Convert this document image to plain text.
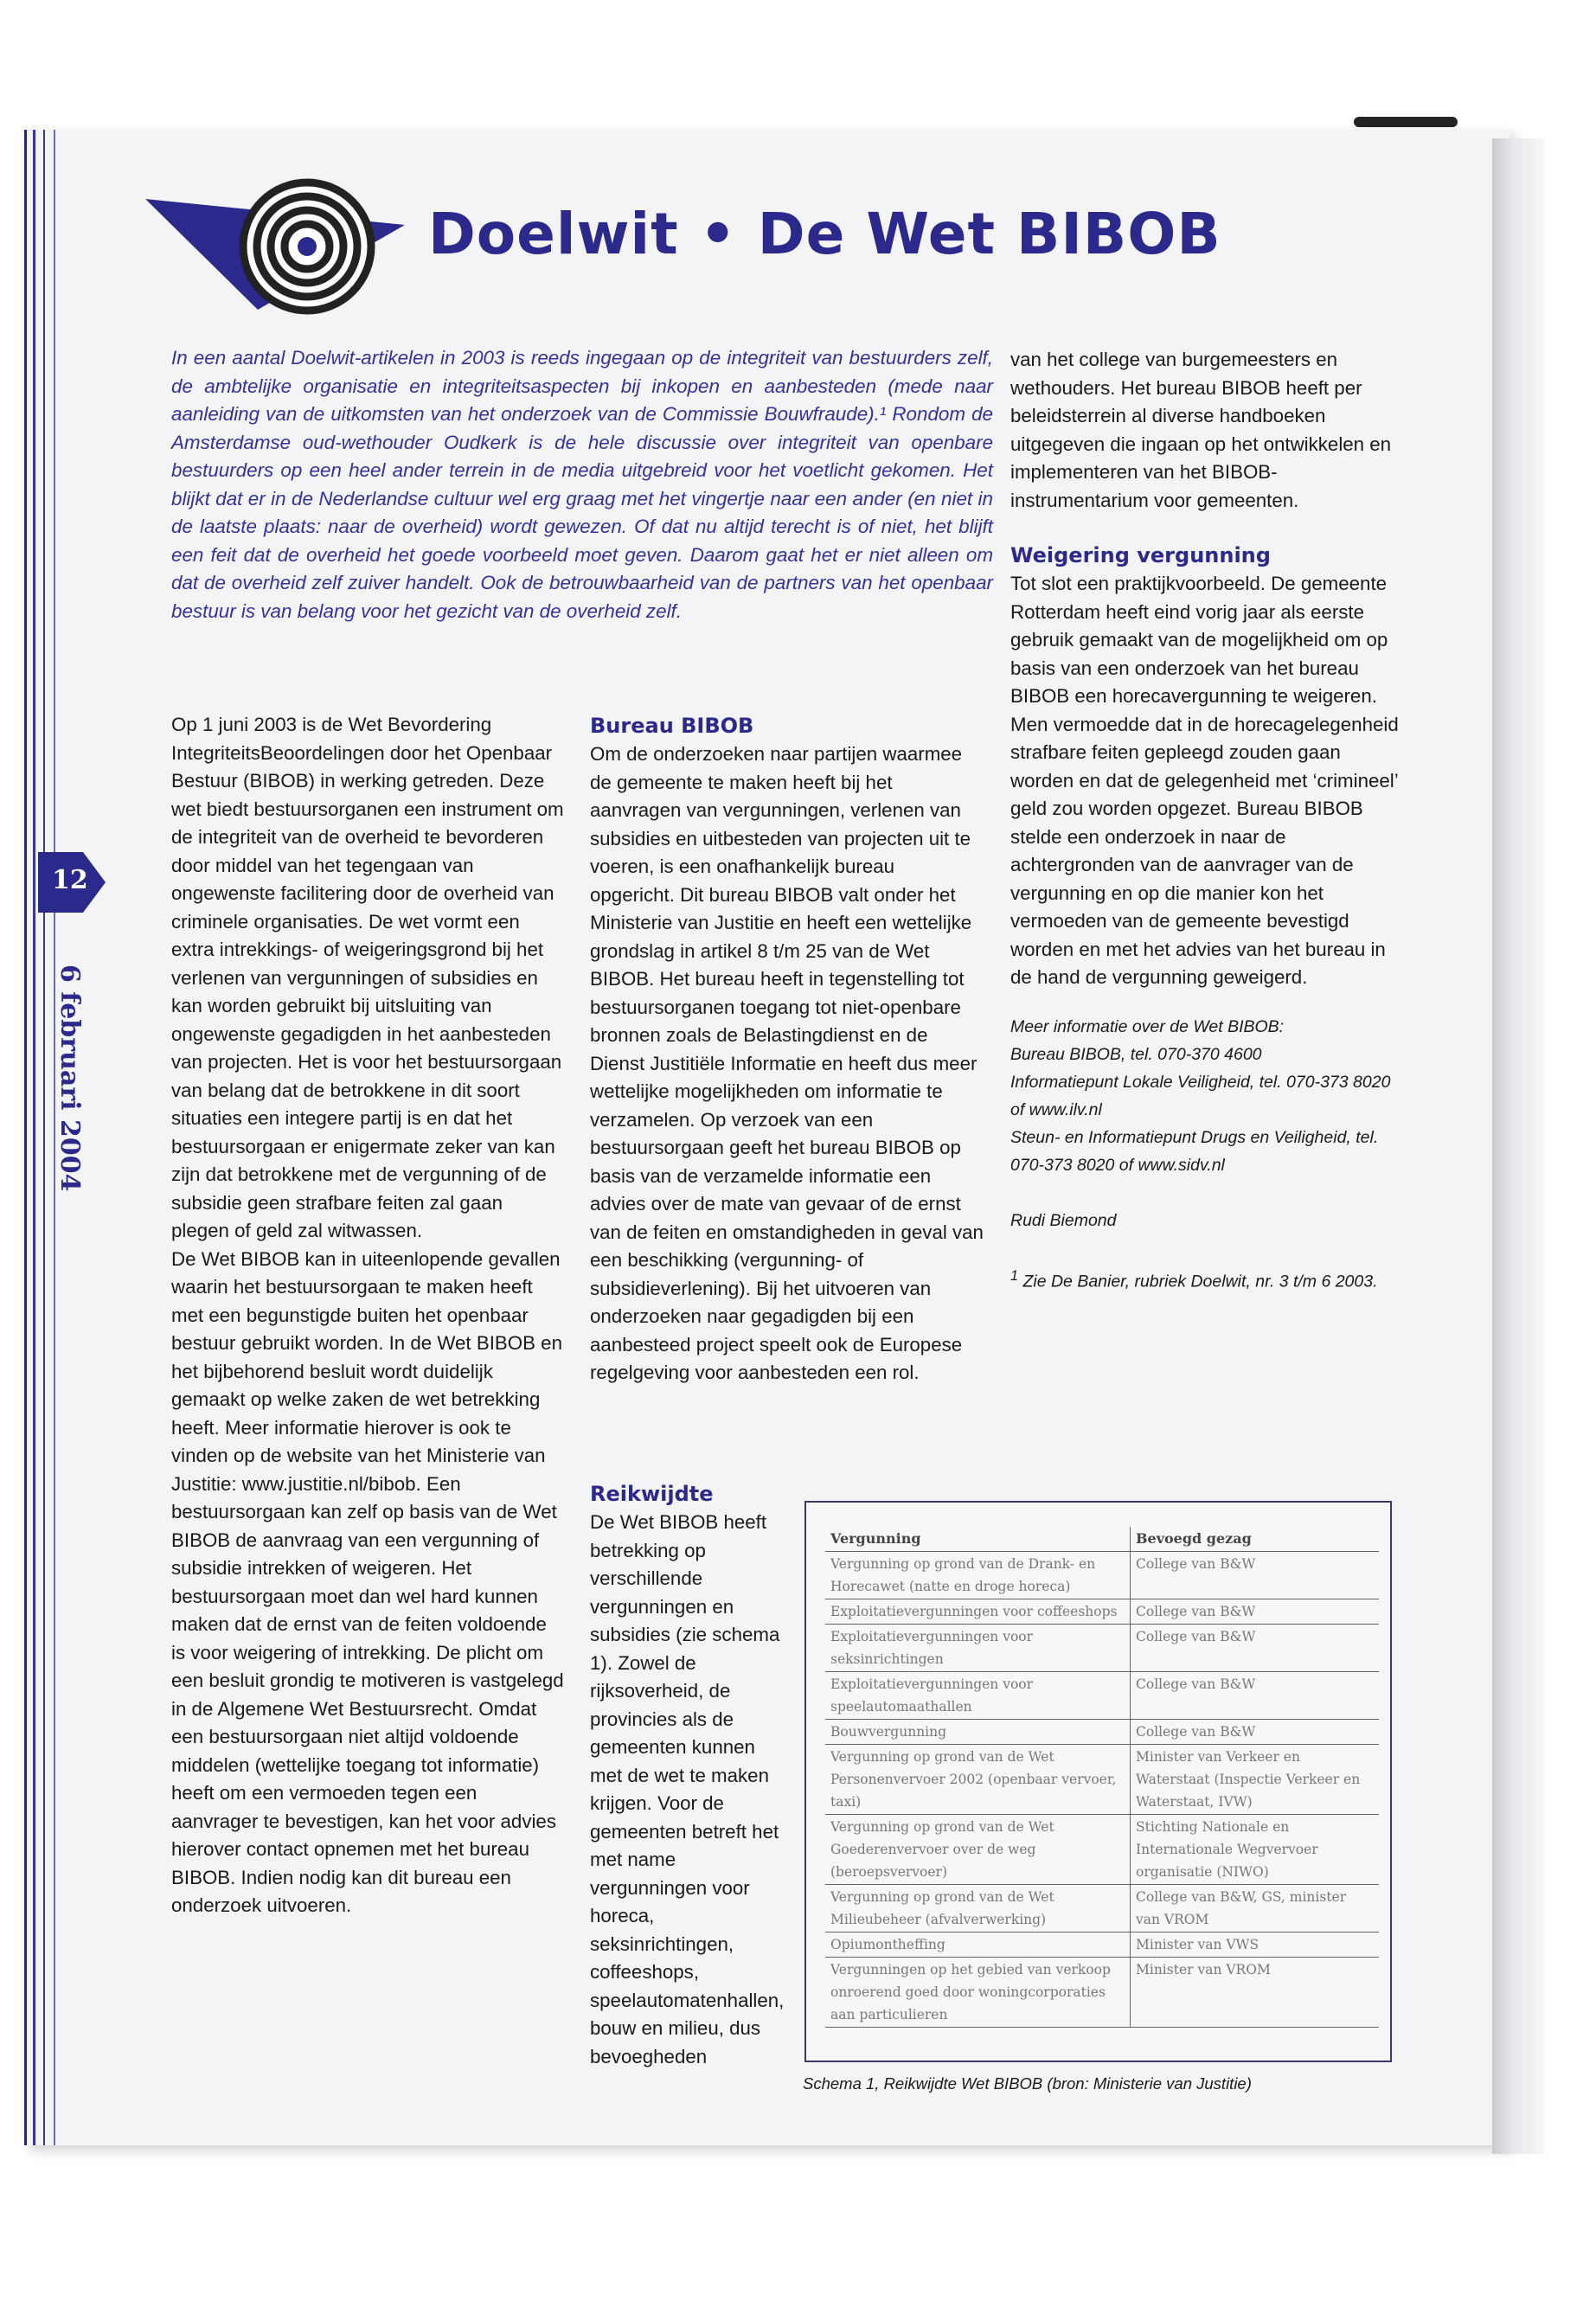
Doelwit • De Wet BIBOB
In een aantal Doelwit-artikelen in 2003 is reeds ingegaan op de integriteit van bestuurders zelf, de ambtelijke organisatie en integriteitsaspecten bij inkopen en aanbesteden (mede naar aanleiding van de uitkomsten van het onderzoek van de Commissie Bouwfraude).¹ Rondom de Amsterdamse oud-wethouder Oudkerk is de hele discussie over integriteit van openbare bestuurders op een heel ander terrein in de media uitgebreid voor het voetlicht gekomen. Het blijkt dat er in de Nederlandse cultuur wel erg graag met het vingertje naar een ander (en niet in de laatste plaats: naar de overheid) wordt gewezen. Of dat nu altijd terecht is of niet, het blijft een feit dat de overheid het goede voorbeeld moet geven. Daarom gaat het er niet alleen om dat de overheid zelf zuiver handelt. Ook de betrouwbaarheid van de partners van het openbaar bestuur is van belang voor het gezicht van de overheid zelf.
12
6 februari 2004

Op 1 juni 2003 is de Wet Bevordering IntegriteitsBeoordelingen door het Openbaar Bestuur (BIBOB) in werking getreden. Deze wet biedt bestuursorganen een instrument om de integriteit van de overheid te bevorderen door middel van het tegengaan van ongewenste facilitering door de overheid van criminele organisaties. De wet vormt een extra intrekkings- of weigeringsgrond bij het verlenen van vergunningen of subsidies en kan worden gebruikt bij uitsluiting van ongewenste gegadigden in het aanbesteden van projecten. Het is voor het bestuursorgaan van belang dat de betrokkene in dit soort situaties een integere partij is en dat het bestuursorgaan er enigermate zeker van kan zijn dat betrokkene met de vergunning of de subsidie geen strafbare feiten zal gaan plegen of geld zal witwassen.

De Wet BIBOB kan in uiteenlopende gevallen waarin het bestuursorgaan te maken heeft met een begunstigde buiten het openbaar bestuur gebruikt worden. In de Wet BIBOB en het bijbehorend besluit wordt duidelijk gemaakt op welke zaken de wet betrekking heeft. Meer informatie hierover is ook te vinden op de website van het Ministerie van Justitie: www.justitie.nl/bibob. Een bestuursorgaan kan zelf op basis van de Wet BIBOB de aanvraag van een vergunning of subsidie intrekken of weigeren. Het bestuursorgaan moet dan wel hard kunnen maken dat de ernst van de feiten voldoende is voor weigering of intrekking. De plicht om een besluit grondig te motiveren is vastgelegd in de Algemene Wet Bestuursrecht. Omdat een bestuursorgaan niet altijd voldoende middelen (wettelijke toegang tot informatie) heeft om een vermoeden tegen een aanvrager te bevestigen, kan het voor advies hierover contact opnemen met het bureau BIBOB. Indien nodig kan dit bureau een onderzoek uitvoeren.

Bureau BIBOB

Om de onderzoeken naar partijen waarmee de gemeente te maken heeft bij het aanvragen van vergunningen, verlenen van subsidies en uitbesteden van projecten uit te voeren, is een onafhankelijk bureau opgericht. Dit bureau BIBOB valt onder het Ministerie van Justitie en heeft een wettelijke grondslag in artikel 8 t/m 25 van de Wet BIBOB. Het bureau heeft in tegenstelling tot bestuursorganen toegang tot niet-openbare bronnen zoals de Belastingdienst en de Dienst Justitiële Informatie en heeft dus meer wettelijke mogelijkheden om informatie te verzamelen. Op verzoek van een bestuursorgaan geeft het bureau BIBOB op basis van de verzamelde informatie een advies over de mate van gevaar of de ernst van de feiten en omstandigheden in geval van een beschikking (vergunning- of subsidieverlening). Bij het uitvoeren van onderzoeken naar gegadigden bij een aanbesteed project speelt ook de Europese regelgeving voor aanbesteden een rol.

Reikwijdte

De Wet BIBOB heeft betrekking op verschillende vergunningen en subsidies (zie schema 1). Zowel de rijksoverheid, de provincies als de gemeenten kunnen met de wet te maken krijgen. Voor de gemeenten betreft het met name vergunningen voor horeca, seksinrichtingen, coffeeshops, speelautomatenhallen, bouw en milieu, dus bevoegheden

van het college van burgemeesters en wethouders. Het bureau BIBOB heeft per beleidsterrein al diverse handboeken uitgegeven die ingaan op het ontwikkelen en implementeren van het BIBOB-instrumentarium voor gemeenten.

Weigering vergunning

Tot slot een praktijkvoorbeeld. De gemeente Rotterdam heeft eind vorig jaar als eerste gebruik gemaakt van de mogelijkheid om op basis van een onderzoek van het bureau BIBOB een horecavergunning te weigeren. Men vermoedde dat in de horecagelegenheid strafbare feiten gepleegd zouden gaan worden en dat de gelegenheid met ‘crimineel’ geld zou worden opgezet. Bureau BIBOB stelde een onderzoek in naar de achtergronden van de aanvrager van de vergunning en op die manier kon het vermoeden van de gemeente bevestigd worden en met het advies van het bureau in de hand de vergunning geweigerd.

Meer informatie over de Wet BIBOB:
Bureau BIBOB, tel. 070-370 4600
Informatiepunt Lokale Veiligheid, tel. 070-373 8020 of www.ilv.nl
Steun- en Informatiepunt Drugs en Veiligheid, tel. 070-373 8020 of www.sidv.nl
Rudi Biemond
$^1$ Zie De Banier, rubriek Doelwit, nr. 3 t/m 6 2003.
Vergunning	Bevoegd gezag
Vergunning op grond van de Drank- en Horecawet (natte en droge horeca)	College van B&W
Exploitatievergunningen voor coffeeshops	College van B&W
Exploitatievergunningen voor seksinrichtingen	College van B&W
Exploitatievergunningen voor speelautomaathallen	College van B&W
Bouwvergunning	College van B&W
Vergunning op grond van de Wet Personenvervoer 2002 (openbaar vervoer, taxi)	Minister van Verkeer en Waterstaat (Inspectie Verkeer en Waterstaat, IVW)
Vergunning op grond van de Wet Goederenvervoer over de weg (beroepsvervoer)	Stichting Nationale en Internationale Wegvervoer organisatie (NIWO)
Vergunning op grond van de Wet Milieubeheer (afvalverwerking)	College van B&W, GS, minister van VROM
Opiumontheffing	Minister van VWS
Vergunningen op het gebied van verkoop onroerend goed door woningcorporaties aan particulieren	Minister van VROM
Schema 1, Reikwijdte Wet BIBOB (bron: Ministerie van Justitie)
